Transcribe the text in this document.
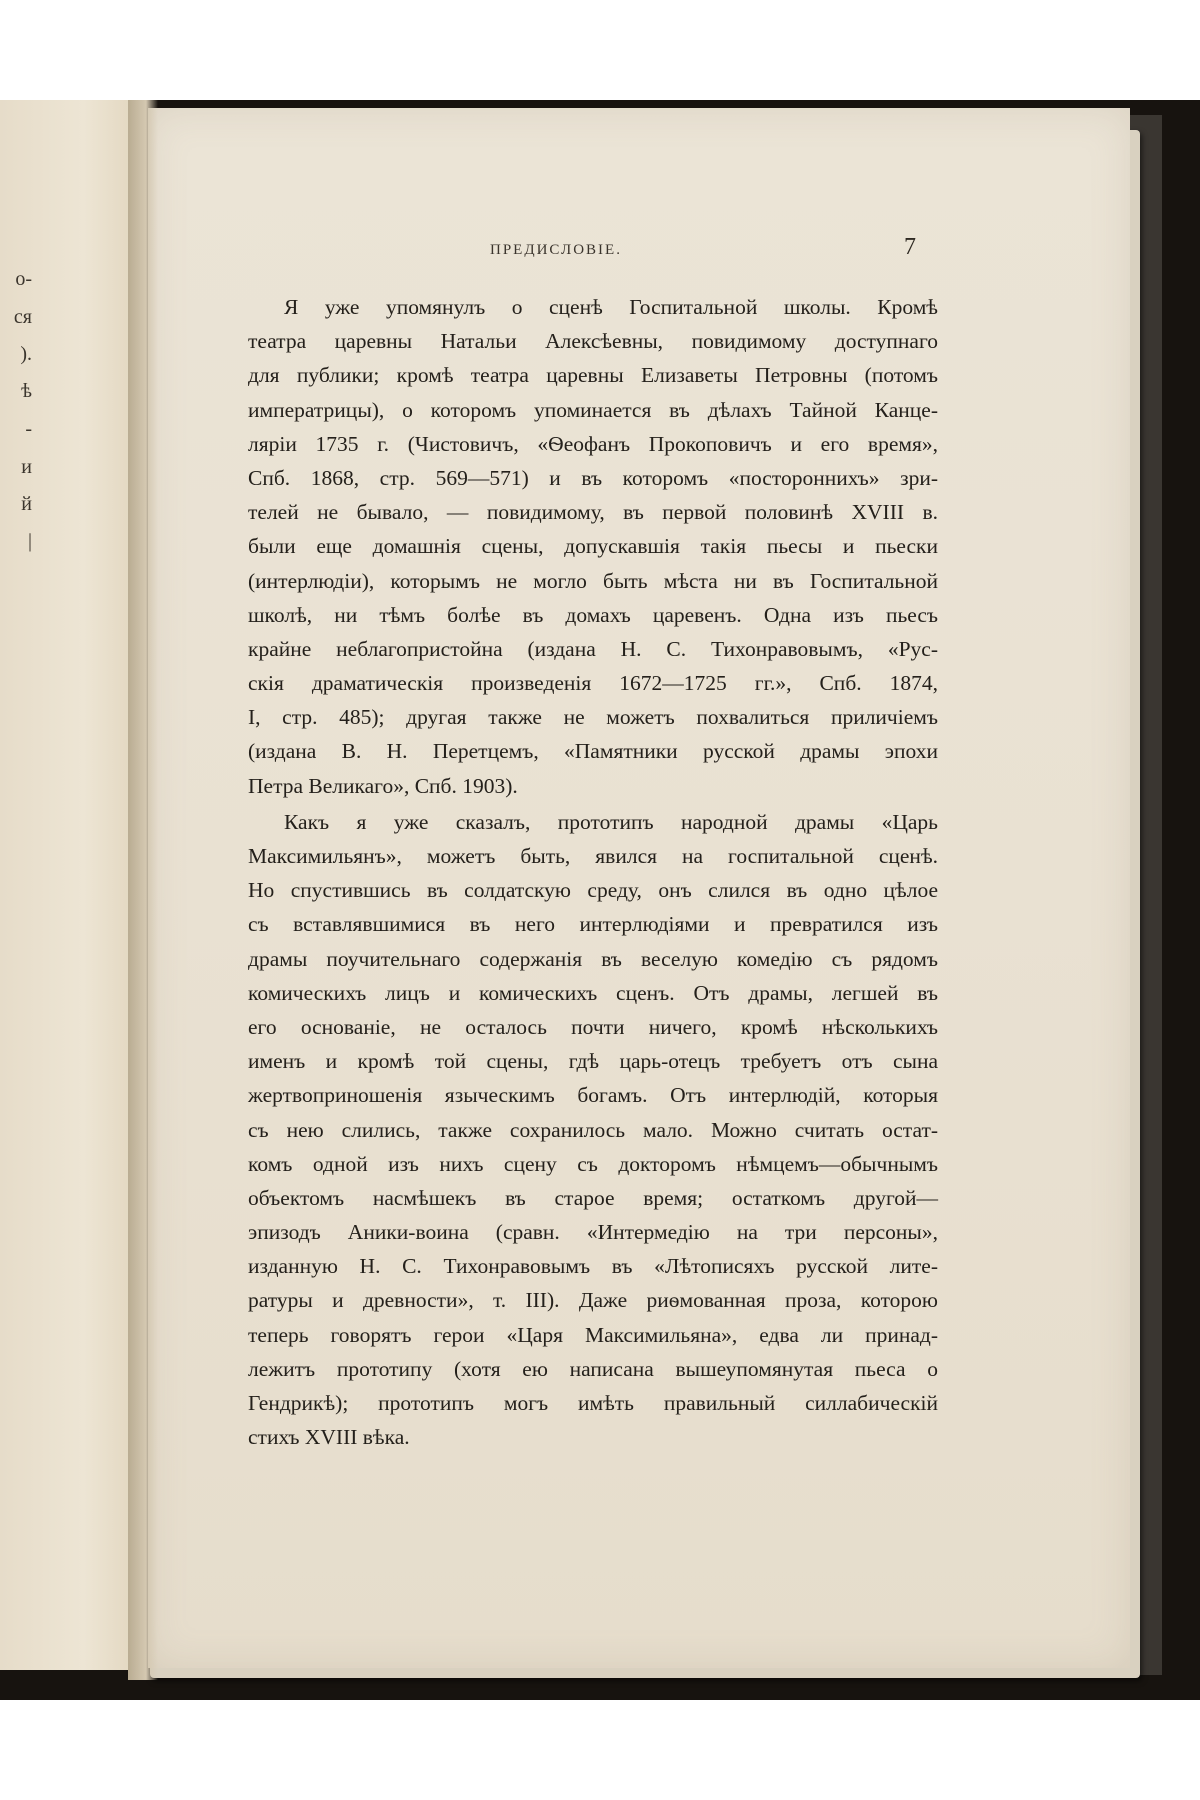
о-
ся
).
ѣ
-
и
й
|
ПРЕДИСЛОВІЕ.	7
Я уже упомянулъ о сценѣ Госпитальной школы. Кромѣ
театра царевны Натальи Алексѣевны, повидимому доступнаго
для публики; кромѣ театра царевны Елизаветы Петровны (потомъ
императрицы), о которомъ упоминается въ дѣлахъ Тайной Канце-
ляріи 1735 г. (Чистовичъ, «Ѳеофанъ Прокоповичъ и его время»,
Спб. 1868, стр. 569—571) и въ которомъ «постороннихъ» зри-
телей не бывало, — повидимому, въ первой половинѣ XVIII в.
были еще домашнія сцены, допускавшія такія пьесы и пьески
(интерлюдіи), которымъ не могло быть мѣста ни въ Госпитальной
школѣ, ни тѣмъ болѣе въ домахъ царевенъ. Одна изъ пьесъ
крайне неблагопристойна (издана Н. С. Тихонравовымъ, «Рус-
скія драматическія произведенія 1672—1725 гг.», Спб. 1874,
I, стр. 485); другая также не можетъ похвалиться приличіемъ
(издана В. Н. Перетцемъ, «Памятники русской драмы эпохи
Петра Великаго», Спб. 1903).
Какъ я уже сказалъ, прототипъ народной драмы «Царь
Максимильянъ», можетъ быть, явился на госпитальной сценѣ.
Но спустившись въ солдатскую среду, онъ слился въ одно цѣлое
съ вставлявшимися въ него интерлюдіями и превратился изъ
драмы поучительнаго содержанія въ веселую комедію съ рядомъ
комическихъ лицъ и комическихъ сценъ. Отъ драмы, легшей въ
его основаніе, не осталось почти ничего, кромѣ нѣсколькихъ
именъ и кромѣ той сцены, гдѣ царь-отецъ требуетъ отъ сына
жертвоприношенія языческимъ богамъ. Отъ интерлюдій, которыя
съ нею слились, также сохранилось мало. Можно считать остат-
комъ одной изъ нихъ сцену съ докторомъ нѣмцемъ—обычнымъ
объектомъ насмѣшекъ въ старое время; остаткомъ другой—
эпизодъ Аники-воина (сравн. «Интермедію на три персоны»,
изданную Н. С. Тихонравовымъ въ «Лѣтописяхъ русской лите-
ратуры и древности», т. III). Даже риѳмованная проза, которою
теперь говорятъ герои «Царя Максимильяна», едва ли принад-
лежитъ прототипу (хотя ею написана вышеупомянутая пьеса о
Гендрикѣ); прототипъ могъ имѣть правильный силлабическій
стихъ XVIII вѣка.
